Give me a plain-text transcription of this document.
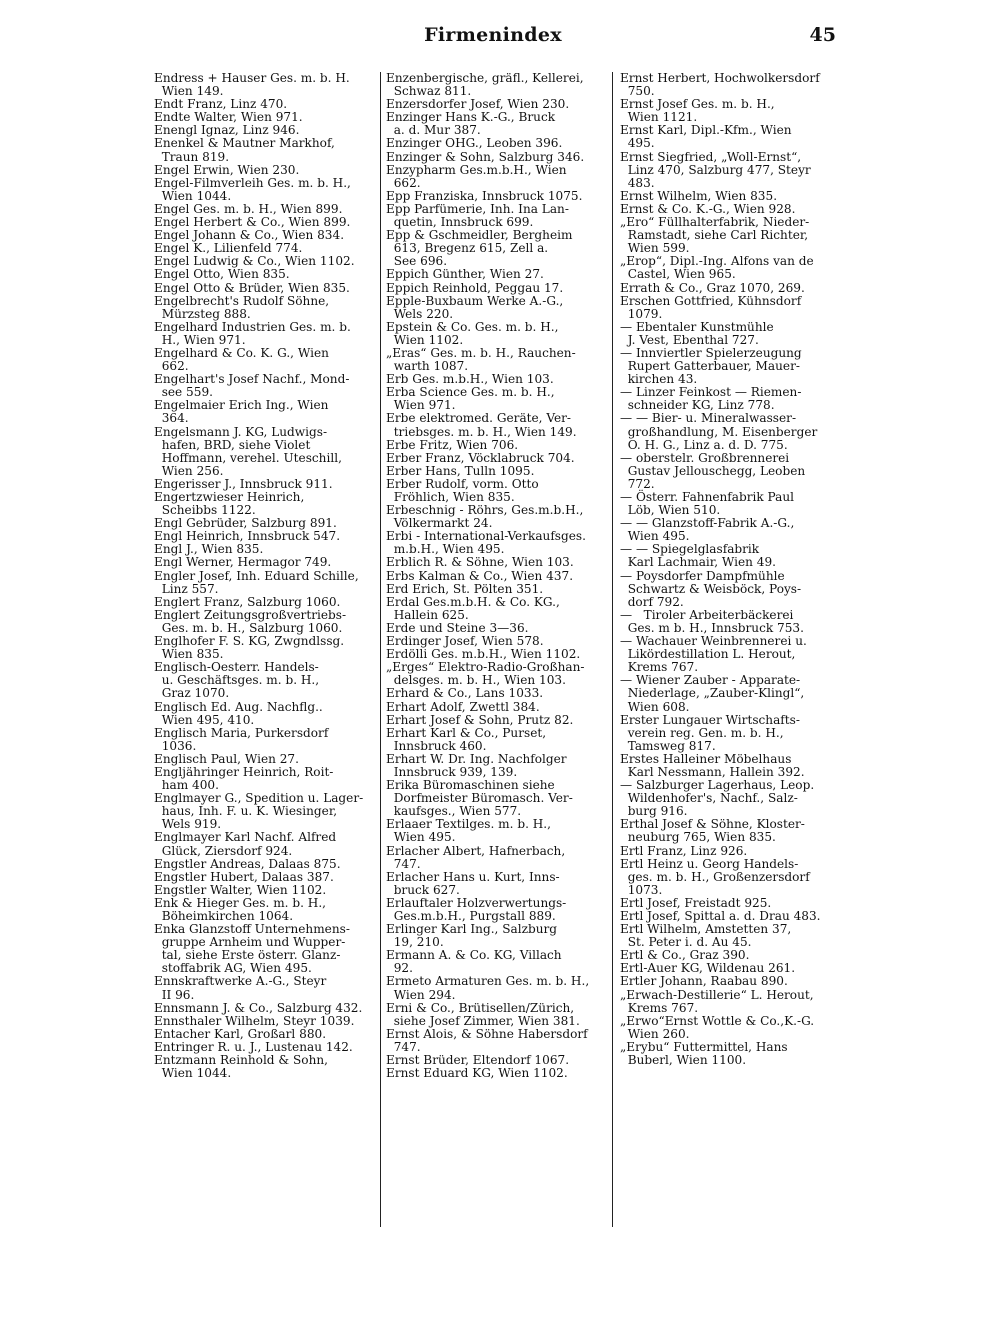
Firmenindex	45
Endress + Hauser Ges. m. b. H.
Wien 149.
Endt Franz, Linz 470.
Endte Walter, Wien 971.
Enengl Ignaz, Linz 946.
Enenkel & Mautner Markhof,
Traun 819.
Engel Erwin, Wien 230.
Engel-Filmverleih Ges. m. b. H.,
Wien 1044.
Engel Ges. m. b. H., Wien 899.
Engel Herbert & Co., Wien 899.
Engel Johann & Co., Wien 834.
Engel K., Lilienfeld 774.
Engel Ludwig & Co., Wien 1102.
Engel Otto, Wien 835.
Engel Otto & Brüder, Wien 835.
Engelbrecht's Rudolf Söhne,
Mürzsteg 888.
Engelhard Industrien Ges. m. b.
H., Wien 971.
Engelhard & Co. K. G., Wien
662.
Engelhart's Josef Nachf., Mond-
see 559.
Engelmaier Erich Ing., Wien
364.
Engelsmann J. KG, Ludwigs-
hafen, BRD, siehe Violet
Hoffmann, verehel. Uteschill,
Wien 256.
Engerisser J., Innsbruck 911.
Engertzwieser Heinrich,
Scheibbs 1122.
Engl Gebrüder, Salzburg 891.
Engl Heinrich, Innsbruck 547.
Engl J., Wien 835.
Engl Werner, Hermagor 749.
Engler Josef, Inh. Eduard Schille,
Linz 557.
Englert Franz, Salzburg 1060.
Englert Zeitungsgroßvertriebs-
Ges. m. b. H., Salzburg 1060.
Englhofer F. S. KG, Zwgndlssg.
Wien 835.
Englisch-Oesterr. Handels-
u. Geschäftsges. m. b. H.,
Graz 1070.
Englisch Ed. Aug. Nachflg..
Wien 495, 410.
Englisch Maria, Purkersdorf
1036.
Englisch Paul, Wien 27.
Engljähringer Heinrich, Roit-
ham 400.
Englmayer G., Spedition u. Lager-
haus, Inh. F. u. K. Wiesinger,
Wels 919.
Englmayer Karl Nachf. Alfred
Glück, Ziersdorf 924.
Engstler Andreas, Dalaas 875.
Engstler Hubert, Dalaas 387.
Engstler Walter, Wien 1102.
Enk & Hieger Ges. m. b. H.,
Böheimkirchen 1064.
Enka Glanzstoff Unternehmens-
gruppe Arnheim und Wupper-
tal, siehe Erste österr. Glanz-
stoffabrik AG, Wien 495.
Ennskraftwerke A.-G., Steyr
II 96.
Ennsmann J. & Co., Salzburg 432.
Ennsthaler Wilhelm, Steyr 1039.
Entacher Karl, Großarl 880.
Entringer R. u. J., Lustenau 142.
Entzmann Reinhold & Sohn,
Wien 1044.
Enzenbergische, gräfl., Kellerei,
Schwaz 811.
Enzersdorfer Josef, Wien 230.
Enzinger Hans K.-G., Bruck
a. d. Mur 387.
Enzinger OHG., Leoben 396.
Enzinger & Sohn, Salzburg 346.
Enzypharm Ges.m.b.H., Wien
662.
Epp Franziska, Innsbruck 1075.
Epp Parfümerie, Inh. Ina Lan-
quetin, Innsbruck 699.
Epp & Gschmeidler, Bergheim
613, Bregenz 615, Zell a.
See 696.
Eppich Günther, Wien 27.
Eppich Reinhold, Peggau 17.
Epple-Buxbaum Werke A.-G.,
Wels 220.
Epstein & Co. Ges. m. b. H.,
Wien 1102.
„Eras“ Ges. m. b. H., Rauchen-
warth 1087.
Erb Ges. m.b.H., Wien 103.
Erba Science Ges. m. b. H.,
Wien 971.
Erbe elektromed. Geräte, Ver-
triebsges. m. b. H., Wien 149.
Erbe Fritz, Wien 706.
Erber Franz, Vöcklabruck 704.
Erber Hans, Tulln 1095.
Erber Rudolf, vorm. Otto
Fröhlich, Wien 835.
Erbeschnig - Röhrs, Ges.m.b.H.,
Völkermarkt 24.
Erbi - International-Verkaufsges.
m.b.H., Wien 495.
Erblich R. & Söhne, Wien 103.
Erbs Kalman & Co., Wien 437.
Erd Erich, St. Pölten 351.
Erdal Ges.m.b.H. & Co. KG.,
Hallein 625.
Erde und Steine 3—36.
Erdinger Josef, Wien 578.
Erdölli Ges. m.b.H., Wien 1102.
„Erges“ Elektro-Radio-Großhan-
delsges. m. b. H., Wien 103.
Erhard & Co., Lans 1033.
Erhart Adolf, Zwettl 384.
Erhart Josef & Sohn, Prutz 82.
Erhart Karl & Co., Purset,
Innsbruck 460.
Erhart W. Dr. Ing. Nachfolger
Innsbruck 939, 139.
Erika Büromaschinen siehe
Dorfmeister Büromasch. Ver-
kaufsges., Wien 577.
Erlaaer Textilges. m. b. H.,
Wien 495.
Erlacher Albert, Hafnerbach,
747.
Erlacher Hans u. Kurt, Inns-
bruck 627.
Erlauftaler Holzverwertungs-
Ges.m.b.H., Purgstall 889.
Erlinger Karl Ing., Salzburg
19, 210.
Ermann A. & Co. KG, Villach
92.
Ermeto Armaturen Ges. m. b. H.,
Wien 294.
Erni & Co., Brütisellen/Zürich,
siehe Josef Zimmer, Wien 381.
Ernst Alois, & Söhne Habersdorf
747.
Ernst Brüder, Eltendorf 1067.
Ernst Eduard KG, Wien 1102.
Ernst Herbert, Hochwolkersdorf
750.
Ernst Josef Ges. m. b. H.,
Wien 1121.
Ernst Karl, Dipl.-Kfm., Wien
495.
Ernst Siegfried, „Woll-Ernst“,
Linz 470, Salzburg 477, Steyr
483.
Ernst Wilhelm, Wien 835.
Ernst & Co. K.-G., Wien 928.
„Ero“ Füllhalterfabrik, Nieder-
Ramstadt, siehe Carl Richter,
Wien 599.
„Erop“, Dipl.-Ing. Alfons van de
Castel, Wien 965.
Errath & Co., Graz 1070, 269.
Erschen Gottfried, Kühnsdorf
1079.
— Ebentaler Kunstmühle
J. Vest, Ebenthal 727.
— Innviertler Spielerzeugung
Rupert Gatterbauer, Mauer-
kirchen 43.
— Linzer Feinkost — Riemen-
schneider KG, Linz 778.
— — Bier- u. Mineralwasser-
großhandlung, M. Eisenberger
O. H. G., Linz a. d. D. 775.
— oberstelr. Großbrennerei
Gustav Jellouschegg, Leoben
772.
— Österr. Fahnenfabrik Paul
Löb, Wien 510.
— — Glanzstoff-Fabrik A.-G.,
Wien 495.
— — Spiegelglasfabrik
Karl Lachmair, Wien 49.
— Poysdorfer Dampfmühle
Schwartz & Weisböck, Poys-
dorf 792.
—   Tiroler Arbeiterbäckerei
Ges. m b. H., Innsbruck 753.
— Wachauer Weinbrennerei u.
Likördestillation L. Herout,
Krems 767.
— Wiener Zauber - Apparate-
Niederlage, „Zauber-Klingl“,
Wien 608.
Erster Lungauer Wirtschafts-
verein reg. Gen. m. b. H.,
Tamsweg 817.
Erstes Halleiner Möbelhaus
Karl Nessmann, Hallein 392.
— Salzburger Lagerhaus, Leop.
Wildenhofer's, Nachf., Salz-
burg 916.
Erthal Josef & Söhne, Kloster-
neuburg 765, Wien 835.
Ertl Franz, Linz 926.
Ertl Heinz u. Georg Handels-
ges. m. b. H., Großenzersdorf
1073.
Ertl Josef, Freistadt 925.
Ertl Josef, Spittal a. d. Drau 483.
Ertl Wilhelm, Amstetten 37,
St. Peter i. d. Au 45.
Ertl & Co., Graz 390.
Ertl-Auer KG, Wildenau 261.
Ertler Johann, Raabau 890.
„Erwach-Destillerie“ L. Herout,
Krems 767.
„Erwo“Ernst Wottle & Co.,K.-G.
Wien 260.
„Erybu“ Futtermittel, Hans
Buberl, Wien 1100.
